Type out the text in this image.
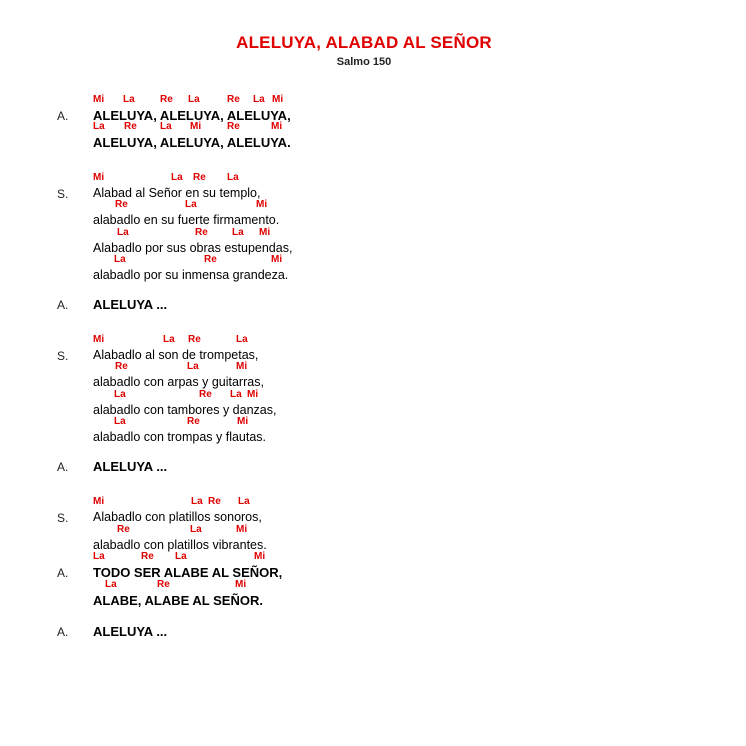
ALELUYA, ALABAD AL SEÑOR
Salmo 150
Mi La	Re La	Re La Mi
A. ALELUYA, ALELUYA, ALELUYA,
La Re La Mi	Re	Mi
ALELUYA, ALELUYA, ALELUYA.
Mi	La Re La
S. Alabad al Señor en su templo,
Re	La	Mi
alabadlo en su fuerte firmamento.
La	Re La Mi
Alabadlo por sus obras estupendas,
La	Re	Mi
alabadlo por su inmensa grandeza.
A. ALELUYA ...
Mi	La Re	La
S. Alabadlo al son de trompetas,
Re	La	Mi
alabadlo con arpas y guitarras,
La	Re La Mi
alabadlo con tambores y danzas,
La	Re	Mi
alabadlo con trompas y flautas.
A. ALELUYA ...
Mi	La Re La
S. Alabadlo con platillos sonoros,
Re	La	Mi
alabadlo con platillos vibrantes.
La	Re La	Mi
A. TODO SER ALABE AL SEÑOR,
La	Re	Mi
ALABE, ALABE AL SEÑOR.
A. ALELUYA ...
